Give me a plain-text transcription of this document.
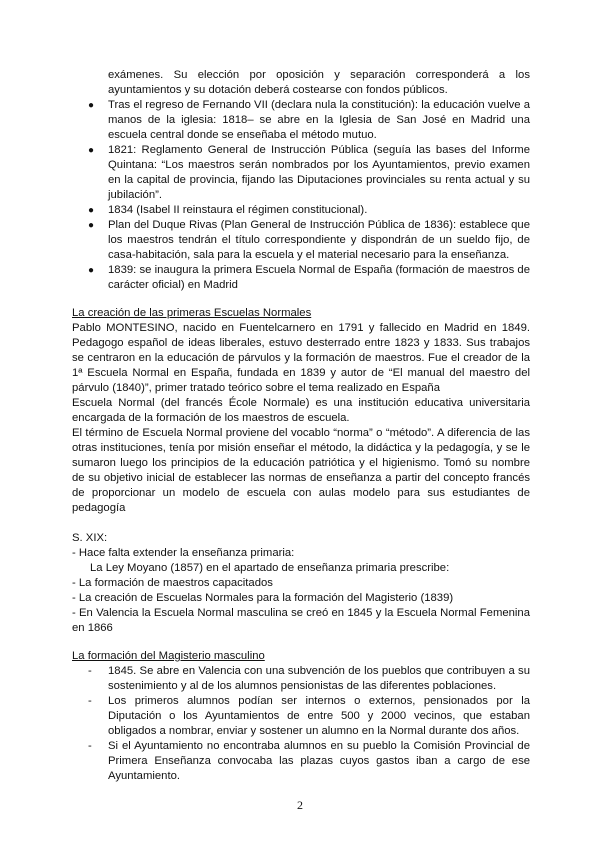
exámenes. Su elección por oposición y separación corresponderá a los ayuntamientos y su dotación deberá costearse con fondos públicos.
● Tras el regreso de Fernando VII (declara nula la constitución): la educación vuelve a manos de la iglesia: 1818– se abre en la Iglesia de San José en Madrid una escuela central donde se enseñaba el método mutuo.
● 1821: Reglamento General de Instrucción Pública (seguía las bases del Informe Quintana: “Los maestros serán nombrados por los Ayuntamientos, previo examen en la capital de provincia, fijando las Diputaciones provinciales su renta actual y su jubilación”.
● 1834 (Isabel II reinstaura el régimen constitucional).
● Plan del Duque Rivas (Plan General de Instrucción Pública de 1836): establece que los maestros tendrán el título correspondiente y dispondrán de un sueldo fijo, de casa-habitación, sala para la escuela y el material necesario para la enseñanza.
● 1839: se inaugura la primera Escuela Normal de España (formación de maestros de carácter oficial) en Madrid

La creación de las primeras Escuelas Normales

Pablo MONTESINO, nacido en Fuentelcarnero en 1791 y fallecido en Madrid en 1849. Pedagogo español de ideas liberales, estuvo desterrado entre 1823 y 1833. Sus trabajos se centraron en la educación de párvulos y la formación de maestros. Fue el creador de la 1ª Escuela Normal en España, fundada en 1839 y autor de “El manual del maestro del párvulo (1840)”, primer tratado teórico sobre el tema realizado en España

Escuela Normal (del francés École Normale) es una institución educativa universitaria encargada de la formación de los maestros de escuela.

El término de Escuela Normal proviene del vocablo “norma” o “método”. A diferencia de las otras instituciones, tenía por misión enseñar el método, la didáctica y la pedagogía, y se le sumaron luego los principios de la educación patriótica y el higienismo. Tomó su nombre de su objetivo inicial de establecer las normas de enseñanza a partir del concepto francés de proporcionar un modelo de escuela con aulas modelo para sus estudiantes de pedagogía

S. XIX:

- Hace falta extender la enseñanza primaria:

La Ley Moyano (1857) en el apartado de enseñanza primaria prescribe:

- La formación de maestros capacitados

- La creación de Escuelas Normales para la formación del Magisterio (1839)

- En Valencia la Escuela Normal masculina se creó en 1845 y la Escuela Normal Femenina en 1866

La formación del Magisterio masculino

- 1845. Se abre en Valencia con una subvención de los pueblos que contribuyen a su sostenimiento y al de los alumnos pensionistas de las diferentes poblaciones.
- Los primeros alumnos podían ser internos o externos, pensionados por la Diputación o los Ayuntamientos de entre 500 y 2000 vecinos, que estaban obligados a nombrar, enviar y sostener un alumno en la Normal durante dos años.
- Si el Ayuntamiento no encontraba alumnos en su pueblo la Comisión Provincial de Primera Enseñanza convocaba las plazas cuyos gastos iban a cargo de ese Ayuntamiento.
2
